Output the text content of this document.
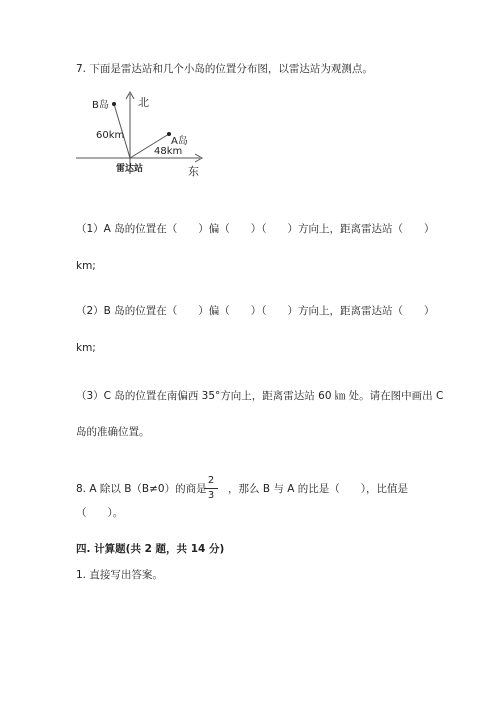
7. 下面是雷达站和几个小岛的位置分布图，以雷达站为观测点。
北
B岛
60km
A岛
48km
雷达站	东
（1）A 岛的位置在（　　）偏（　　）（　　）方向上，距离雷达站（　　）
km;
（2）B 岛的位置在（　　）偏（　　）（　　）方向上，距离雷达站（　　）
km;
（3）C 岛的位置在南偏西 35°方向上，距离雷达站 60 ㎞ 处。请在图中画出 C
岛的准确位置。
8. A 除以 B（B≠0）的商是
2
3
，那么 B 与 A 的比是（　　），比值是
（　　）。
四. 计算题(共 2 题，共 14 分)
1. 直接写出答案。
